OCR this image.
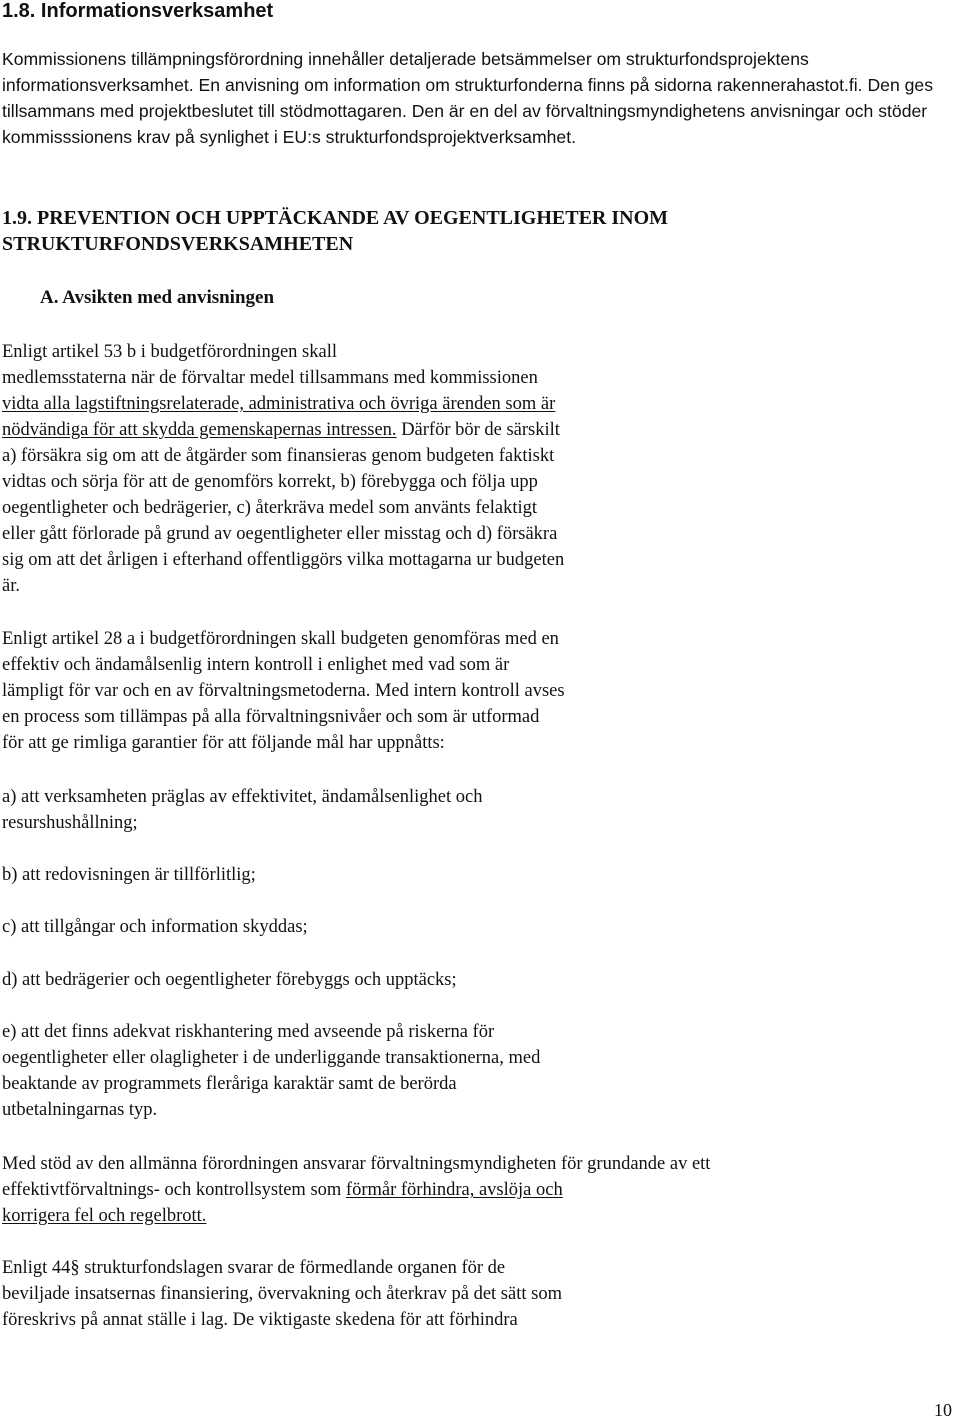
1.8. Informationsverksamhet

Kommissionens tillämpningsförordning innehåller detaljerade betsämmelser om strukturfondsprojektens informationsverksamhet. En anvisning om information om strukturfonderna finns på sidorna rakennerahastot.fi. Den ges tillsammans med projektbeslutet till stödmottagaren. Den är en del av förvaltningsmyndighetens anvisningar och stöder kommisssionens krav på synlighet i EU:s strukturfondsprojektverksamhet.

1.9. PREVENTION OCH UPPTÄCKANDE AV OEGENTLIGHETER INOM STRUKTURFONDSVERKSAMHETEN
A. Avsikten med anvisningen
Enligt artikel 53 b i budgetförordningen skall
medlemsstaterna när de förvaltar medel tillsammans med kommissionen
vidta alla lagstiftningsrelaterade, administrativa och övriga ärenden som är
nödvändiga för att skydda gemenskapernas intressen. Därför bör de särskilt
a) försäkra sig om att de åtgärder som finansieras genom budgeten faktiskt
vidtas och sörja för att de genomförs korrekt, b) förebygga och följa upp
oegentligheter och bedrägerier, c) återkräva medel som använts felaktigt
eller gått förlorade på grund av oegentligheter eller misstag och d) försäkra
sig om att det årligen i efterhand offentliggörs vilka mottagarna ur budgeten
är.
Enligt artikel 28 a i budgetförordningen skall budgeten genomföras med en
effektiv och ändamålsenlig intern kontroll i enlighet med vad som är
lämpligt för var och en av förvaltningsmetoderna. Med intern kontroll avses
en process som tillämpas på alla förvaltningsnivåer och som är utformad
för att ge rimliga garantier för att följande mål har uppnåtts:
a) att verksamheten präglas av effektivitet, ändamålsenlighet och
resurshushållning;
b) att redovisningen är tillförlitlig;
c) att tillgångar och information skyddas;
d) att bedrägerier och oegentligheter förebyggs och upptäcks;
e) att det finns adekvat riskhantering med avseende på riskerna för
oegentligheter eller olagligheter i de underliggande transaktionerna, med
beaktande av programmets fleråriga karaktär samt de berörda
utbetalningarnas typ.
Med stöd av den allmänna förordningen ansvarar förvaltningsmyndigheten för grundande av ett
effektivtförvaltnings- och kontrollsystem som förmår förhindra, avslöja och
korrigera fel och regelbrott.
Enligt 44§ strukturfondslagen svarar de förmedlande organen för de
beviljade insatsernas finansiering, övervakning och återkrav på det sätt som
föreskrivs på annat ställe i lag. De viktigaste skedena för att förhindra
10
